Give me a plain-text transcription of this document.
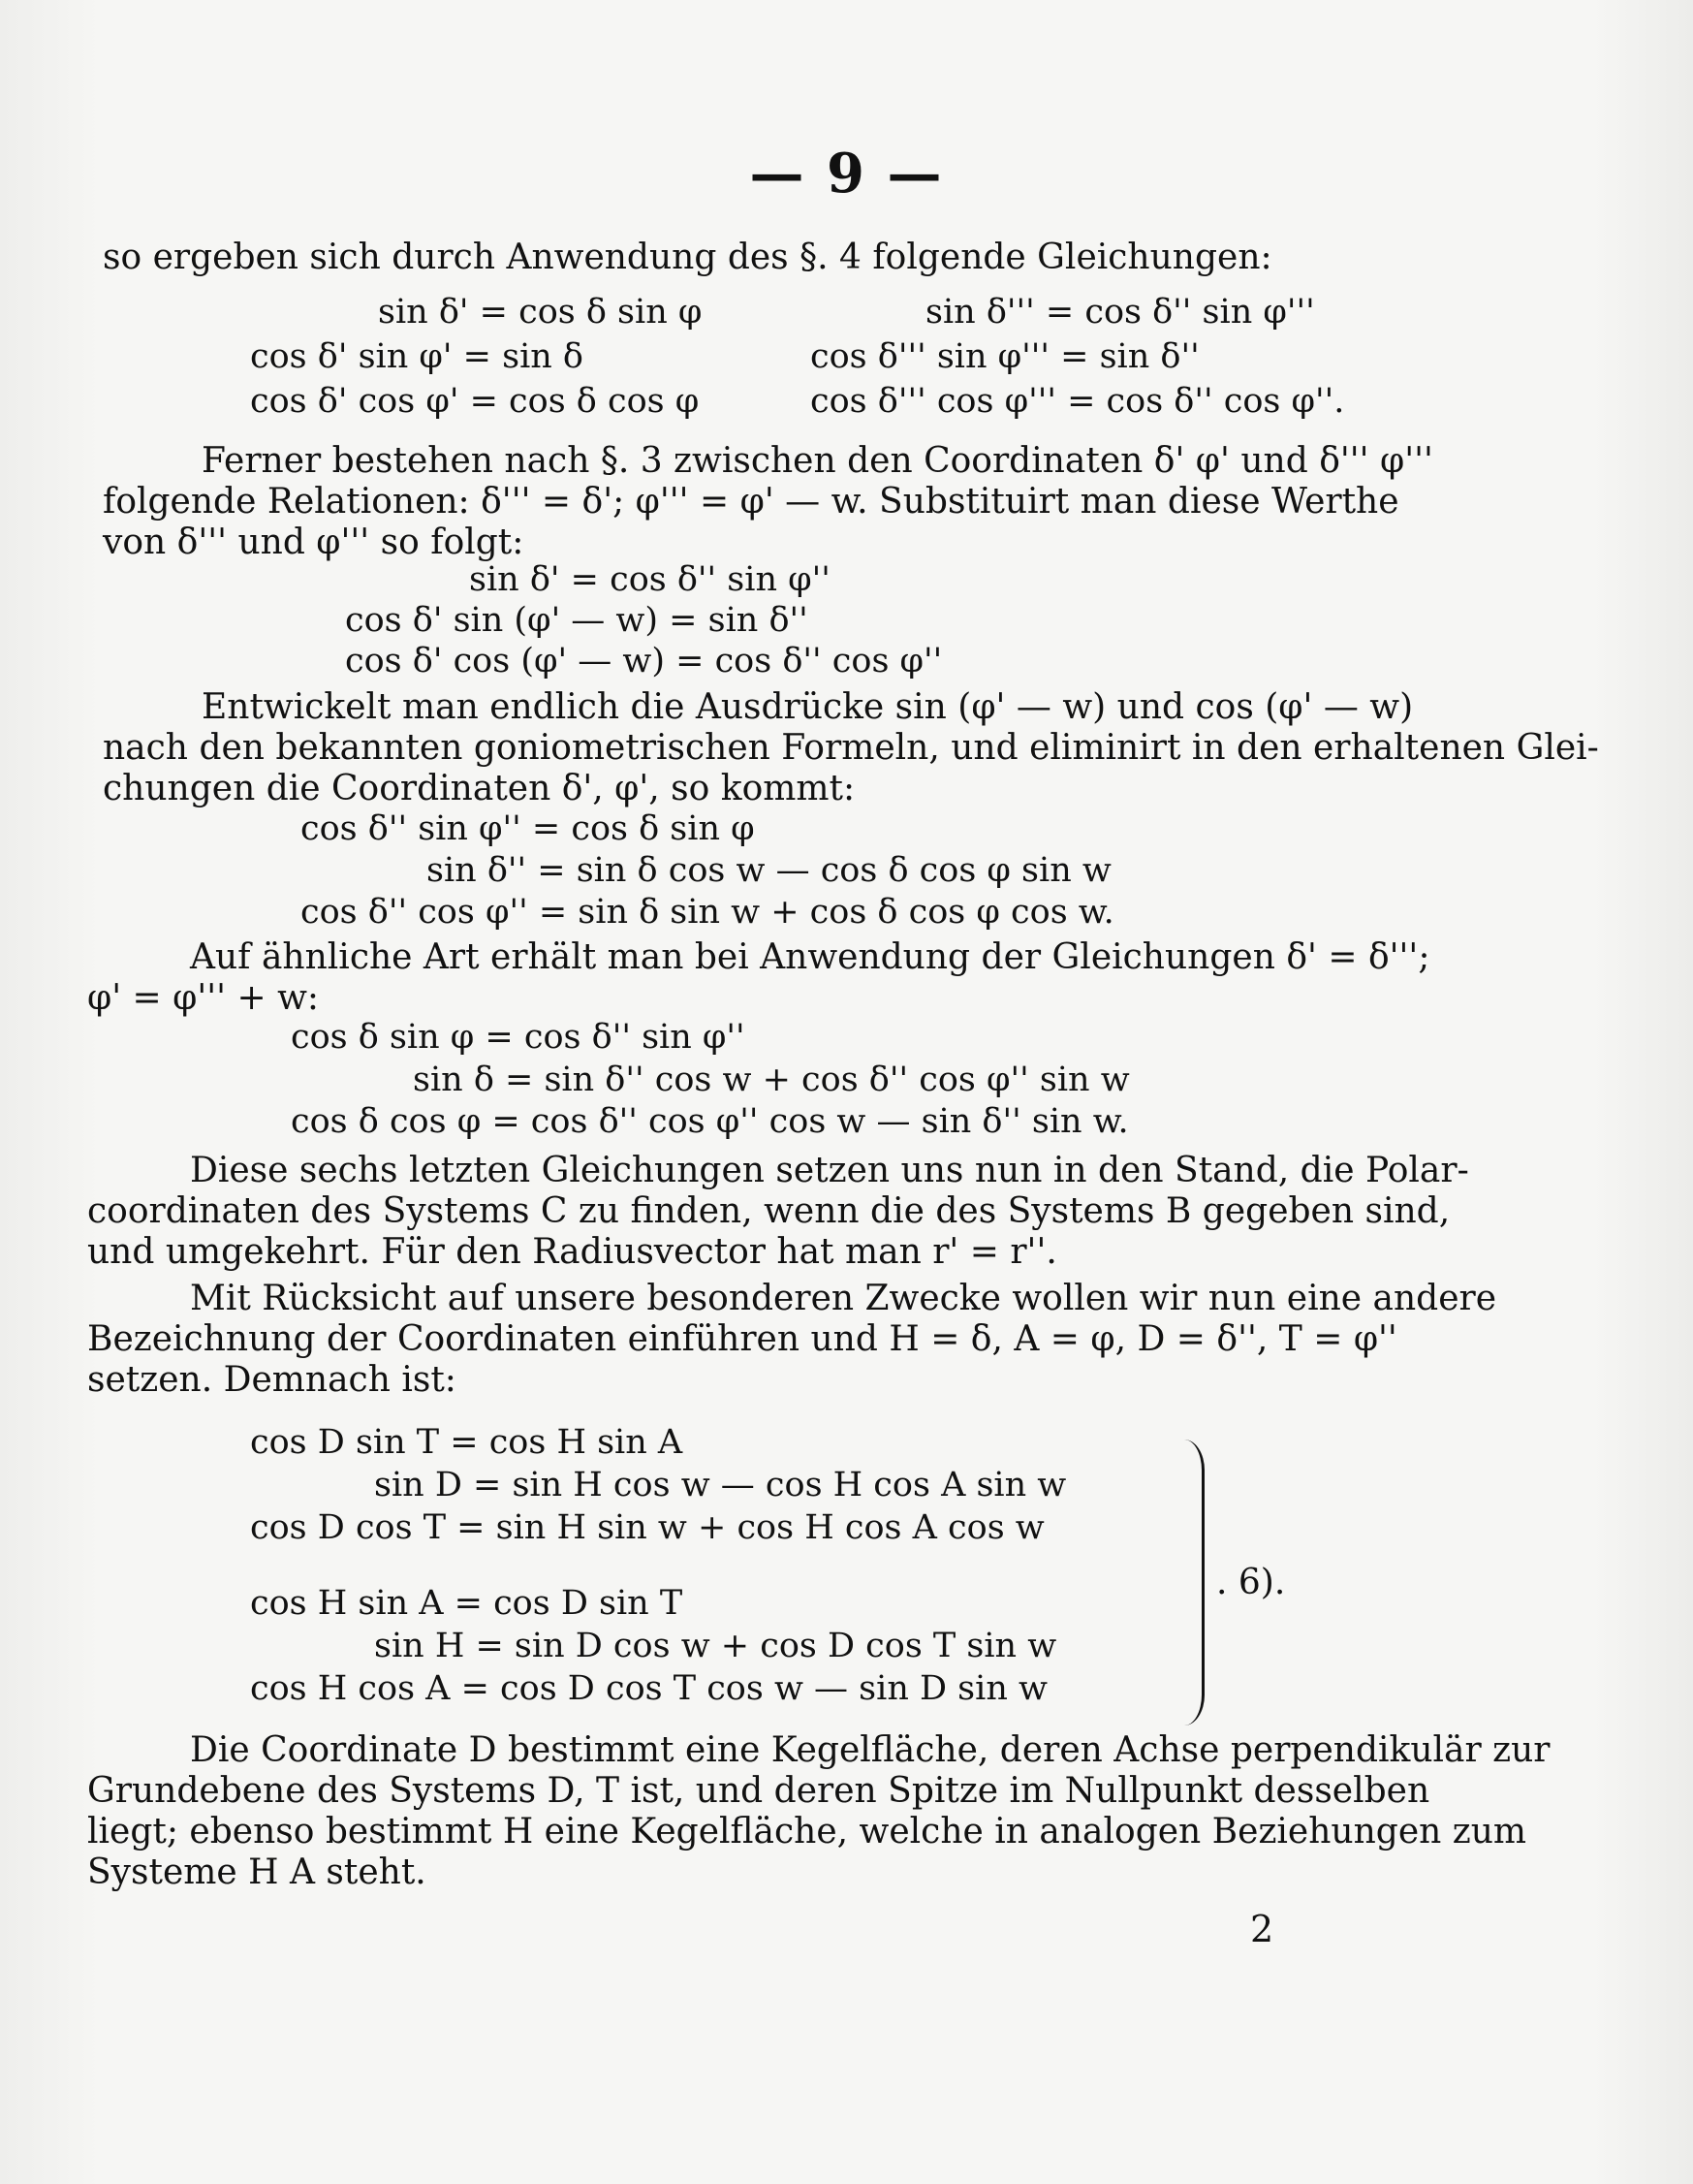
— 9 —
so ergeben sich durch Anwendung des §. 4 folgende Gleichungen:
sin δ' = cos δ sin φ	sin δ''' = cos δ'' sin φ'''
cos δ' sin φ' = sin δ	cos δ''' sin φ''' = sin δ''
cos δ' cos φ' = cos δ cos φ	cos δ''' cos φ''' = cos δ'' cos φ''.
Ferner bestehen nach §. 3 zwischen den Coordinaten δ' φ' und δ''' φ'''
folgende Relationen: δ''' = δ'; φ''' = φ' — w. Substituirt man diese Werthe
von δ''' und φ''' so folgt:
sin δ' = cos δ'' sin φ''
cos δ' sin (φ' — w) = sin δ''
cos δ' cos (φ' — w) = cos δ'' cos φ''
Entwickelt man endlich die Ausdrücke sin (φ' — w) und cos (φ' — w)
nach den bekannten goniometrischen Formeln, und eliminirt in den erhaltenen Glei-
chungen die Coordinaten δ', φ', so kommt:
cos δ'' sin φ'' = cos δ sin φ
sin δ'' = sin δ cos w — cos δ cos φ sin w
cos δ'' cos φ'' = sin δ sin w + cos δ cos φ cos w.
Auf ähnliche Art erhält man bei Anwendung der Gleichungen δ' = δ''';
φ' = φ''' + w:
cos δ sin φ = cos δ'' sin φ''
sin δ = sin δ'' cos w + cos δ'' cos φ'' sin w
cos δ cos φ = cos δ'' cos φ'' cos w — sin δ'' sin w.
Diese sechs letzten Gleichungen setzen uns nun in den Stand, die Polar-
coordinaten des Systems C zu finden, wenn die des Systems B gegeben sind,
und umgekehrt. Für den Radiusvector hat man r' = r''.
Mit Rücksicht auf unsere besonderen Zwecke wollen wir nun eine andere
Bezeichnung der Coordinaten einführen und H = δ, A = φ, D = δ'', T = φ''
setzen. Demnach ist:
cos D sin T = cos H sin A
sin D = sin H cos w — cos H cos A sin w
cos D cos T = sin H sin w + cos H cos A cos w
cos H sin A = cos D sin T
sin H = sin D cos w + cos D cos T sin w
cos H cos A = cos D cos T cos w — sin D sin w
. 6).
Die Coordinate D bestimmt eine Kegelfläche, deren Achse perpendikulär zur
Grundebene des Systems D, T ist, und deren Spitze im Nullpunkt desselben
liegt; ebenso bestimmt H eine Kegelfläche, welche in analogen Beziehungen zum
Systeme H A steht.
2
